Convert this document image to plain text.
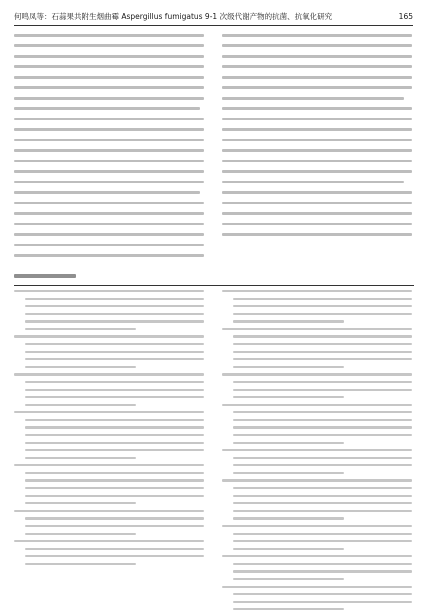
何鸣凤等：石蒜果共附生烟曲霉 Aspergillus fumigatus 9-1 次级代谢产物的抗菌、抗氧化研究	165
